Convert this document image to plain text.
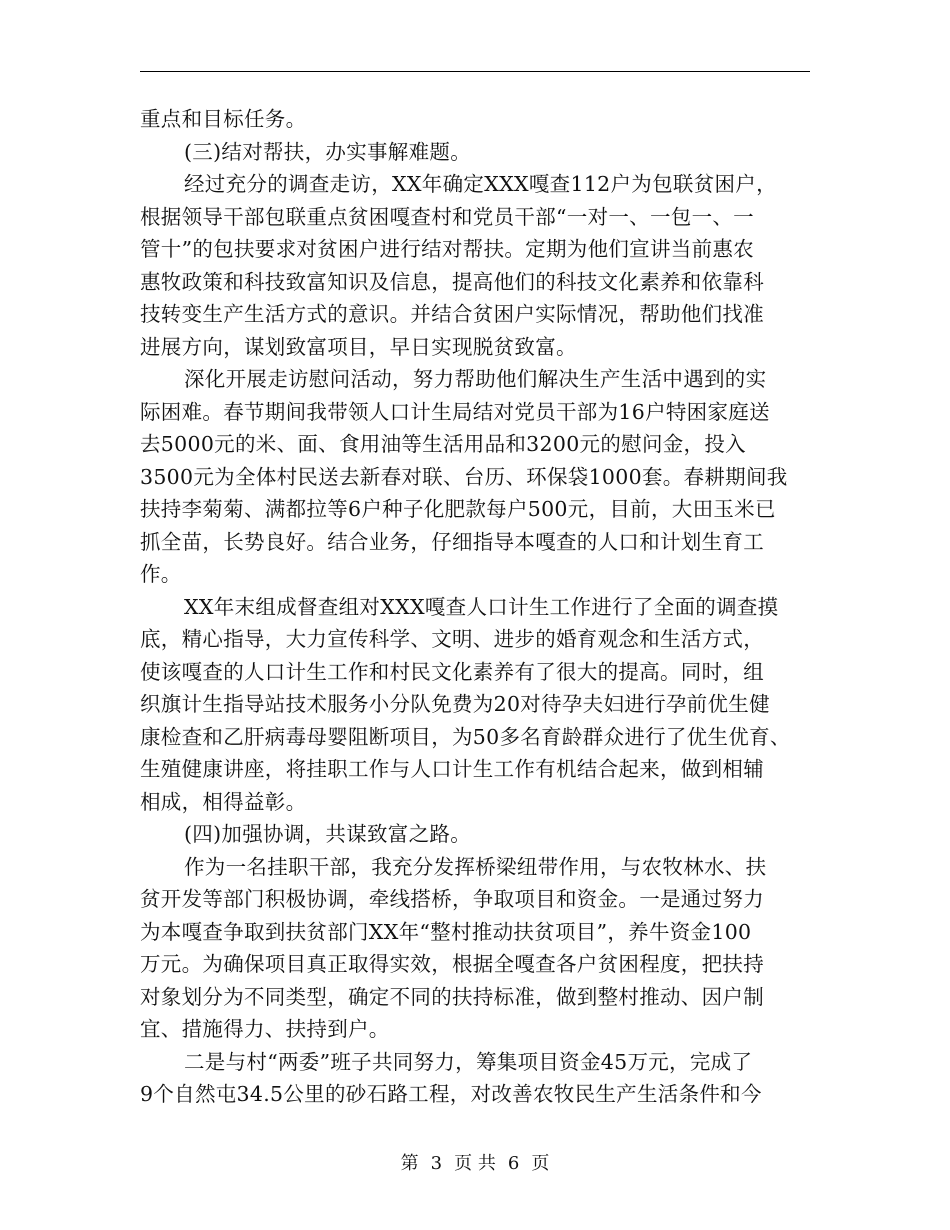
重点和目标任务。
(三)结对帮扶，办实事解难题。
经过充分的调查走访，XX年确定XXX嘎查112户为包联贫困户，
根据领导干部包联重点贫困嘎查村和党员干部“一对一、一包一、一
管十”的包扶要求对贫困户进行结对帮扶。定期为他们宣讲当前惠农
惠牧政策和科技致富知识及信息，提高他们的科技文化素养和依靠科
技转变生产生活方式的意识。并结合贫困户实际情况，帮助他们找准
进展方向，谋划致富项目，早日实现脱贫致富。
深化开展走访慰问活动，努力帮助他们解决生产生活中遇到的实
际困难。春节期间我带领人口计生局结对党员干部为16户特困家庭送
去5000元的米、面、食用油等生活用品和3200元的慰问金，投入
3500元为全体村民送去新春对联、台历、环保袋1000套。春耕期间我
扶持李菊菊、满都拉等6户种子化肥款每户500元，目前，大田玉米已
抓全苗，长势良好。结合业务，仔细指导本嘎查的人口和计划生育工
作。
XX年末组成督查组对XXX嘎查人口计生工作进行了全面的调查摸
底，精心指导，大力宣传科学、文明、进步的婚育观念和生活方式，
使该嘎查的人口计生工作和村民文化素养有了很大的提高。同时，组
织旗计生指导站技术服务小分队免费为20对待孕夫妇进行孕前优生健
康检查和乙肝病毒母婴阻断项目，为50多名育龄群众进行了优生优育、
生殖健康讲座，将挂职工作与人口计生工作有机结合起来，做到相辅
相成，相得益彰。
(四)加强协调，共谋致富之路。
作为一名挂职干部，我充分发挥桥梁纽带作用，与农牧林水、扶
贫开发等部门积极协调，牵线搭桥，争取项目和资金。一是通过努力
为本嘎查争取到扶贫部门XX年“整村推动扶贫项目”，养牛资金100
万元。为确保项目真正取得实效，根据全嘎查各户贫困程度，把扶持
对象划分为不同类型，确定不同的扶持标准，做到整村推动、因户制
宜、措施得力、扶持到户。
二是与村“两委”班子共同努力，筹集项目资金45万元，完成了
9个自然屯34.5公里的砂石路工程，对改善农牧民生产生活条件和今
第 3 页 共 6 页
